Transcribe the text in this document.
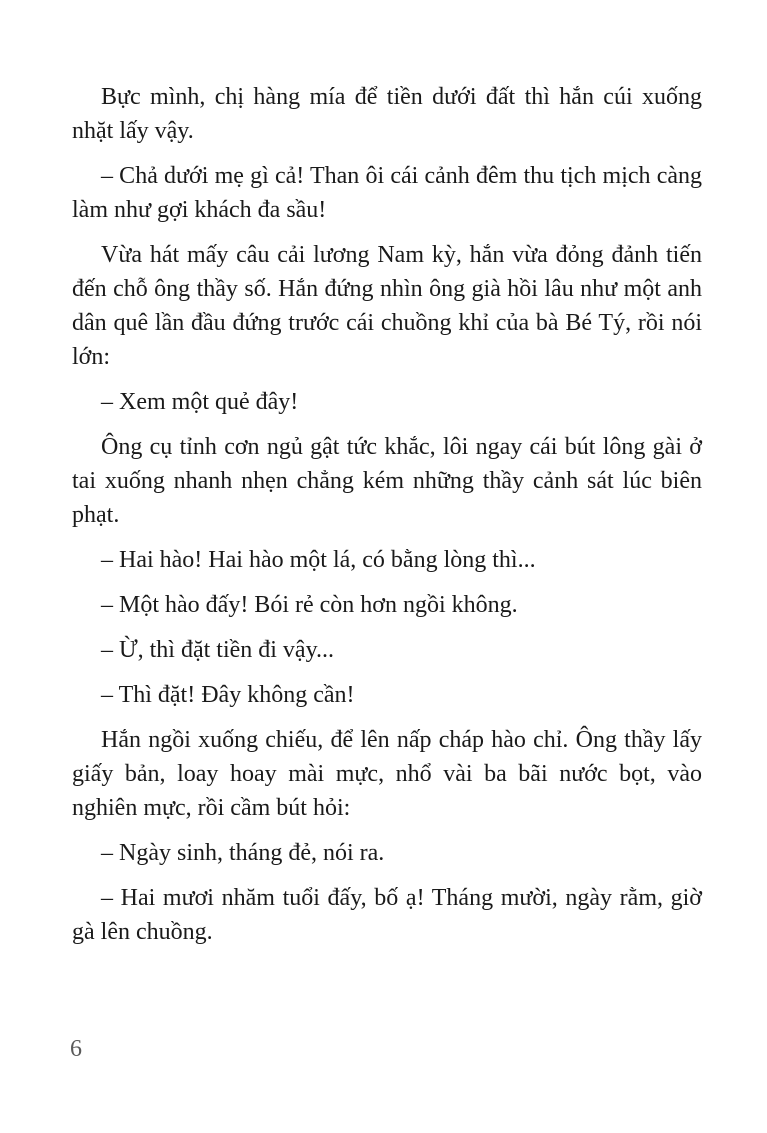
Bực mình, chị hàng mía để tiền dưới đất thì hắn cúi xuống nhặt lấy vậy.

– Chả dưới mẹ gì cả! Than ôi cái cảnh đêm thu tịch mịch càng làm như gợi khách đa sầu!

Vừa hát mấy câu cải lương Nam kỳ, hắn vừa đỏng đảnh tiến đến chỗ ông thầy số. Hắn đứng nhìn ông già hồi lâu như một anh dân quê lần đầu đứng trước cái chuồng khỉ của bà Bé Tý, rồi nói lớn:

– Xem một quẻ đây!

Ông cụ tỉnh cơn ngủ gật tức khắc, lôi ngay cái bút lông gài ở tai xuống nhanh nhẹn chẳng kém những thầy cảnh sát lúc biên phạt.

– Hai hào! Hai hào một lá, có bằng lòng thì...

– Một hào đấy! Bói rẻ còn hơn ngồi không.

– Ừ, thì đặt tiền đi vậy...

– Thì đặt! Đây không cần!

Hắn ngồi xuống chiếu, để lên nấp cháp hào chỉ. Ông thầy lấy giấy bản, loay hoay mài mực, nhổ vài ba bãi nước bọt, vào nghiên mực, rồi cầm bút hỏi:

– Ngày sinh, tháng đẻ, nói ra.

– Hai mươi nhăm tuổi đấy, bố ạ! Tháng mười, ngày rằm, giờ gà lên chuồng.

6
